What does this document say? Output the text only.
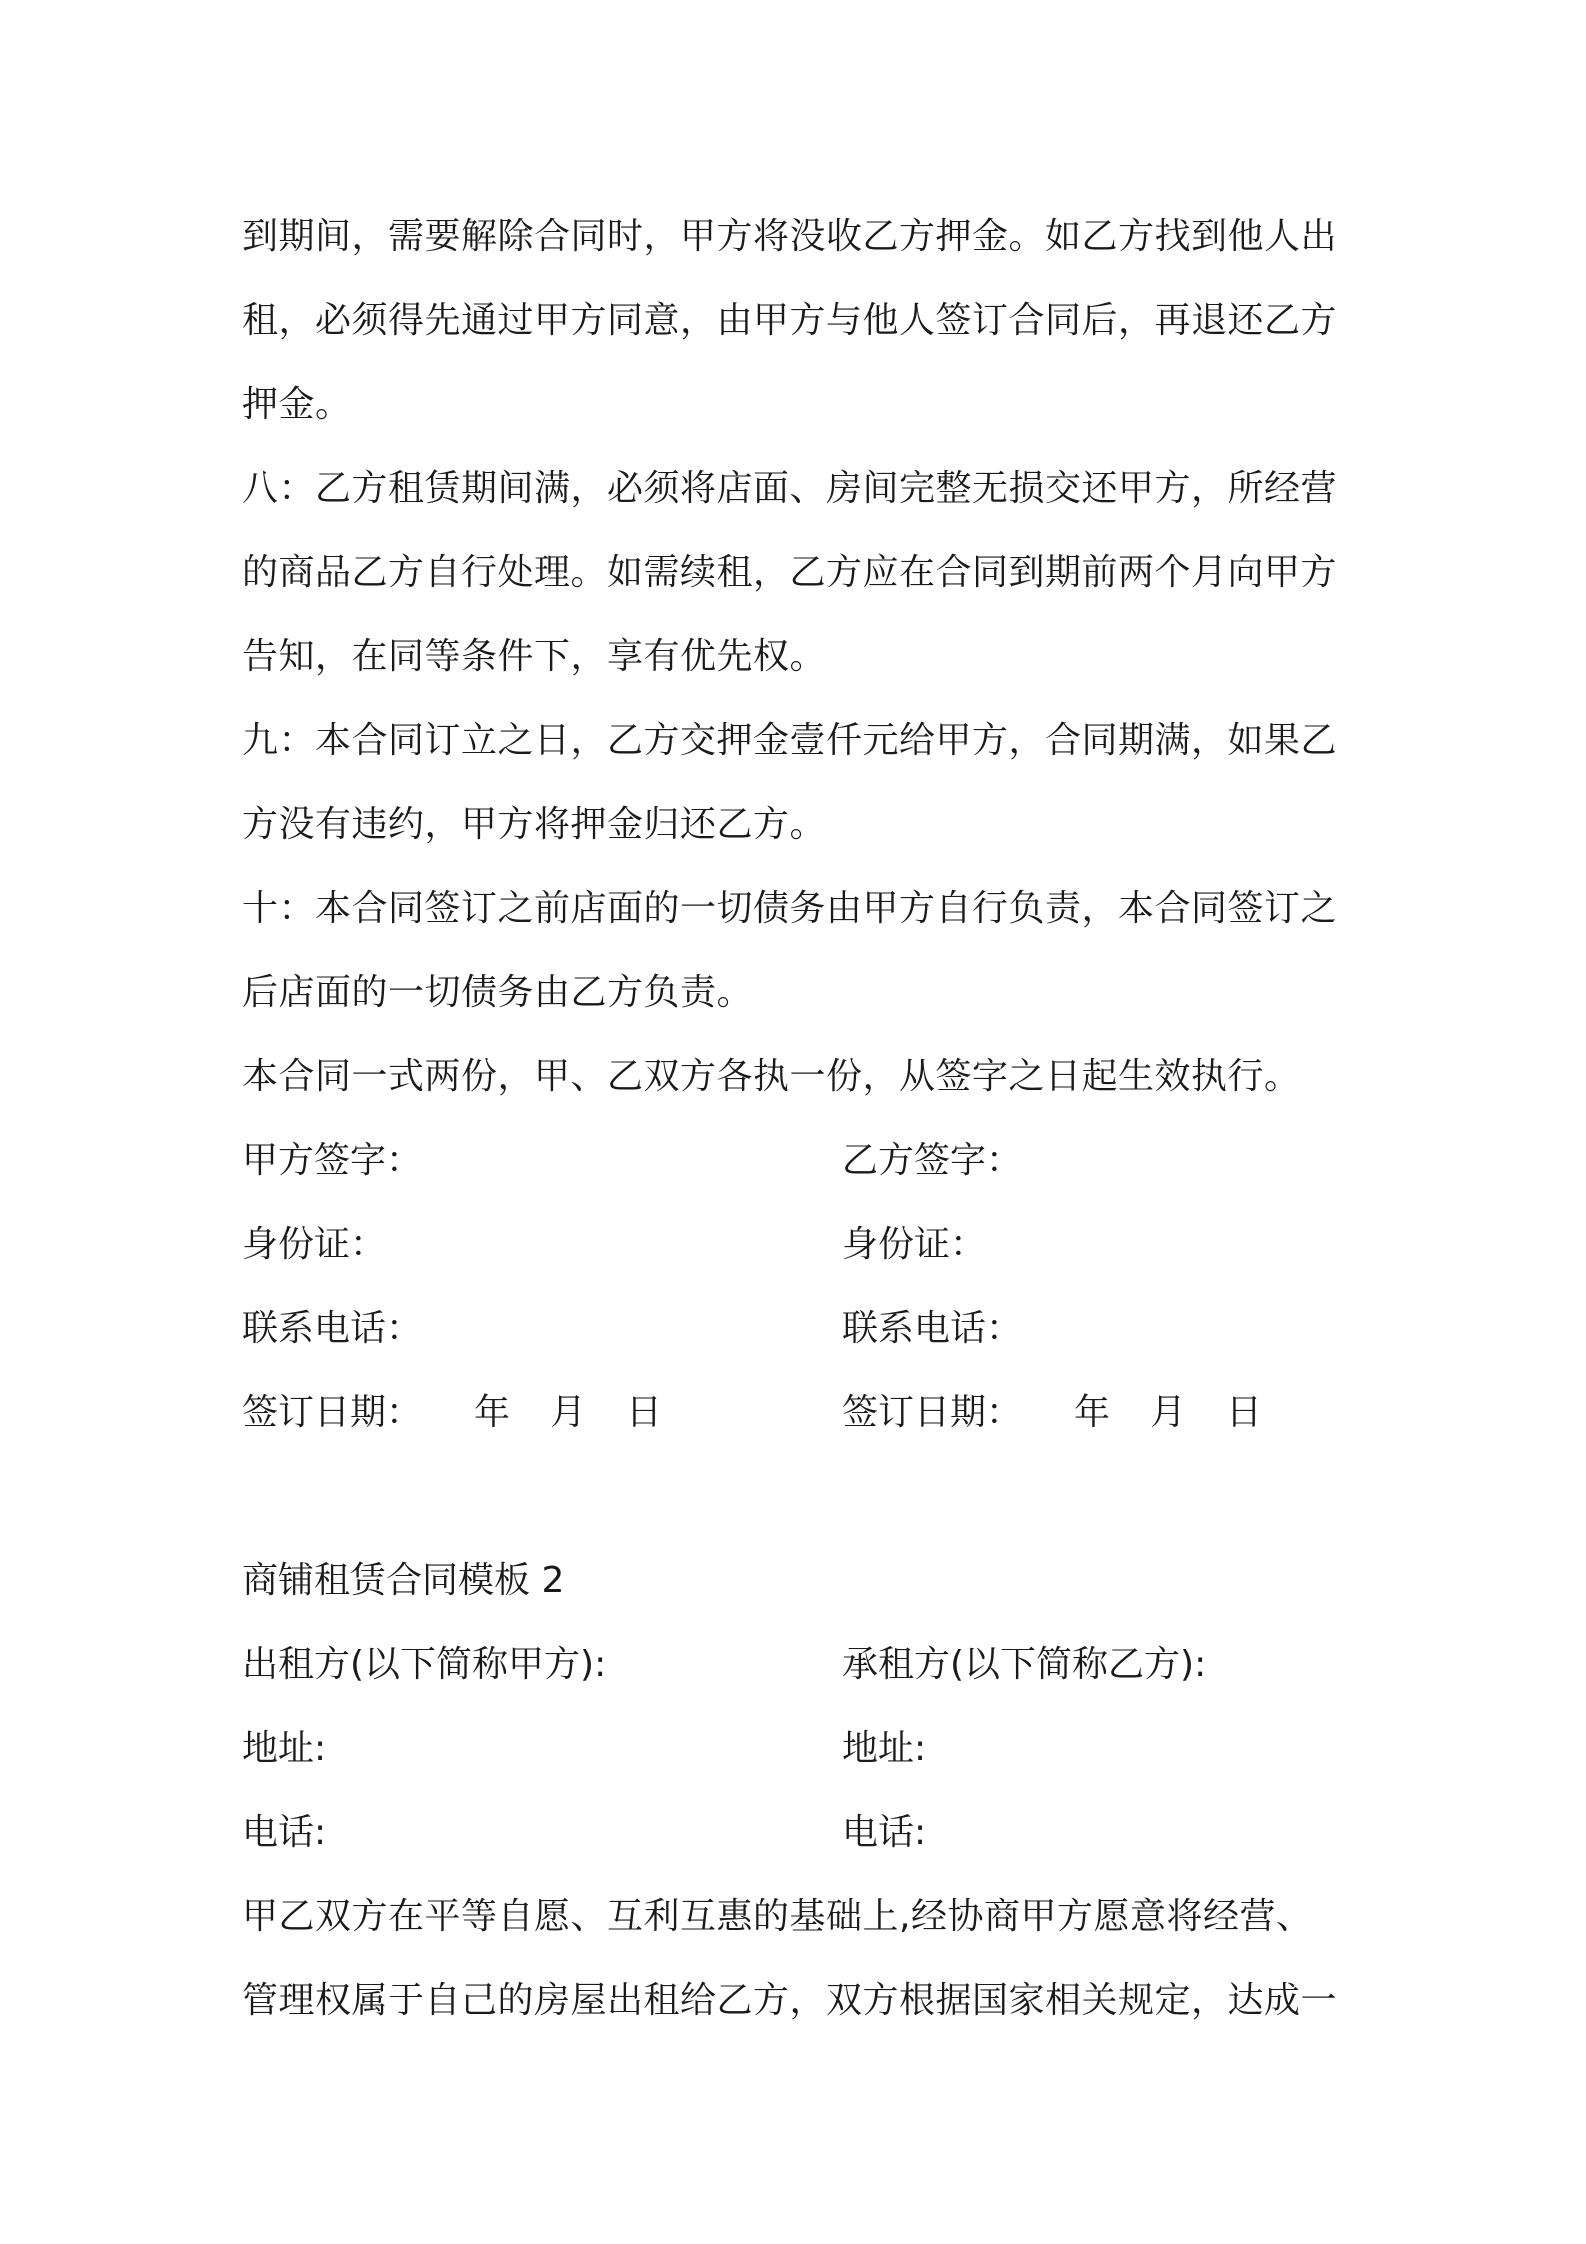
到期间，需要解除合同时，甲方将没收乙方押金。如乙方找到他人出
租，必须得先通过甲方同意，由甲方与他人签订合同后，再退还乙方
押金。
八：乙方租赁期间满，必须将店面、房间完整无损交还甲方，所经营
的商品乙方自行处理。如需续租，乙方应在合同到期前两个月向甲方
告知，在同等条件下，享有优先权。
九：本合同订立之日，乙方交押金壹仟元给甲方，合同期满，如果乙
方没有违约，甲方将押金归还乙方。
十：本合同签订之前店面的一切债务由甲方自行负责，本合同签订之
后店面的一切债务由乙方负责。
本合同一式两份，甲、乙双方各执一份，从签字之日起生效执行。
甲方签字：	乙方签字：
身份证：	身份证：
联系电话：	联系电话：
签订日期： 年 月 日	签订日期： 年 月 日
商铺租赁合同模板 2
出租方(以下简称甲方):	承租方(以下简称乙方):
地址:	地址:
电话:	电话:
甲乙双方在平等自愿、互利互惠的基础上,经协商甲方愿意将经营、
管理权属于自己的房屋出租给乙方，双方根据国家相关规定，达成一
